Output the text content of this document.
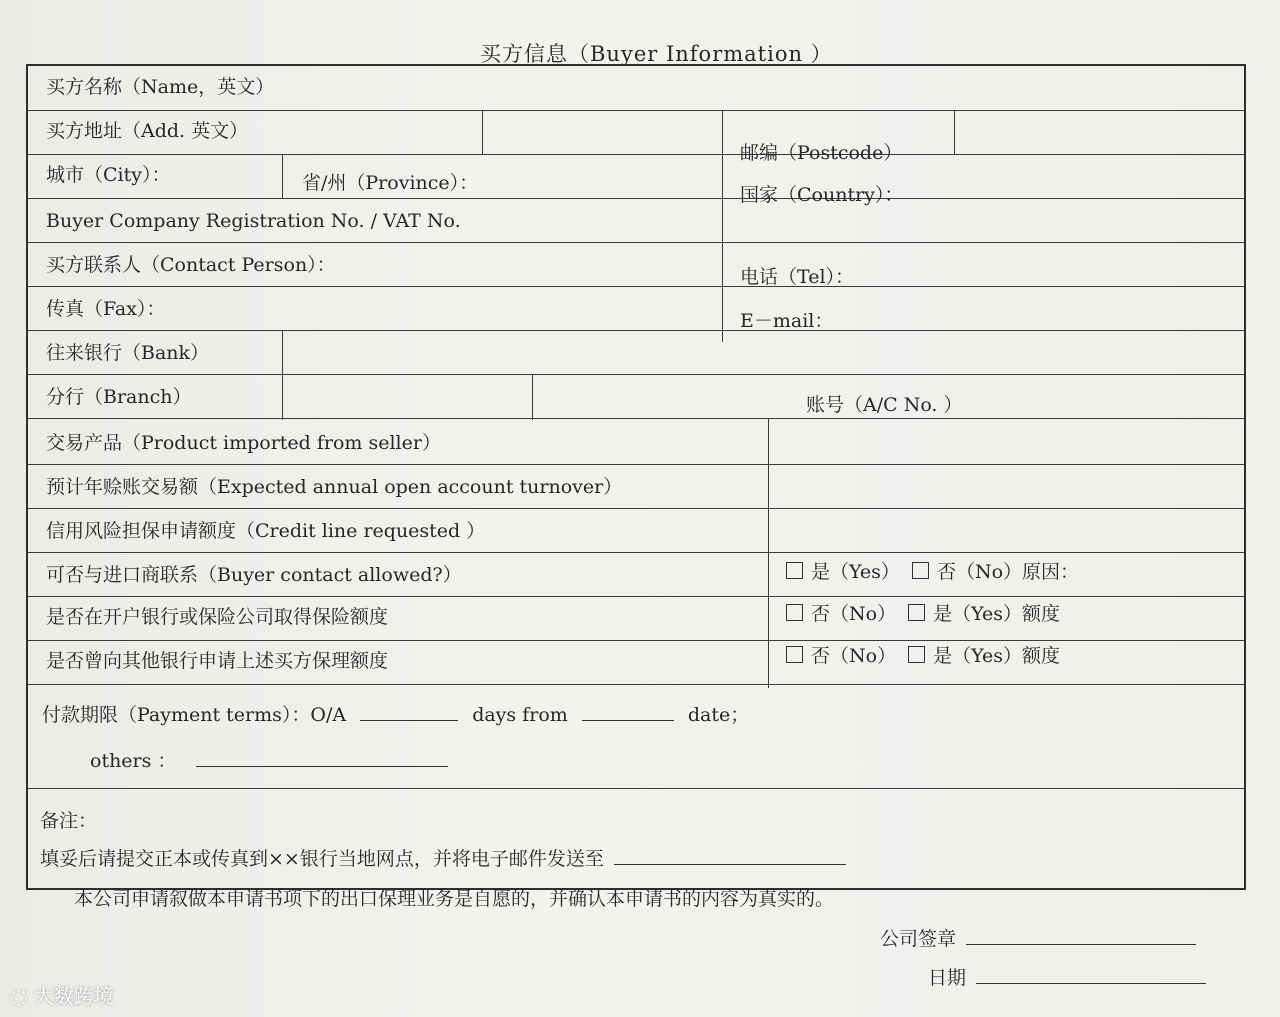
买方信息（Buyer Information ）
买方名称（Name，英文）
买方地址（Add. 英文）
邮编（Postcode）
城市（City）：	省/州（Province）：
国家（Country）：
Buyer Company Registration No. / VAT No.
买方联系人（Contact Person）：
电话（Tel）：
传真（Fax）：
E－mail：
往来银行（Bank）
分行（Branch）	账号（A/C No. ）
交易产品（Product imported from seller）
预计年赊账交易额（Expected annual open account turnover）
信用风险担保申请额度（Credit line requested ）
可否与进口商联系（Buyer contact allowed?）	是（Yes） 否（No）原因：
是否在开户银行或保险公司取得保险额度	否（No） 是（Yes）额度
是否曾向其他银行申请上述买方保理额度	否（No） 是（Yes）额度
付款期限（Payment terms）：O/A	days from	date；
others ：
备注：
填妥后请提交正本或传真到××银行当地网点，并将电子邮件发送至
本公司申请叙做本申请书项下的出口保理业务是自愿的，并确认本申请书的内容为真实的。
公司签章
日期
◌ 大数跨境
